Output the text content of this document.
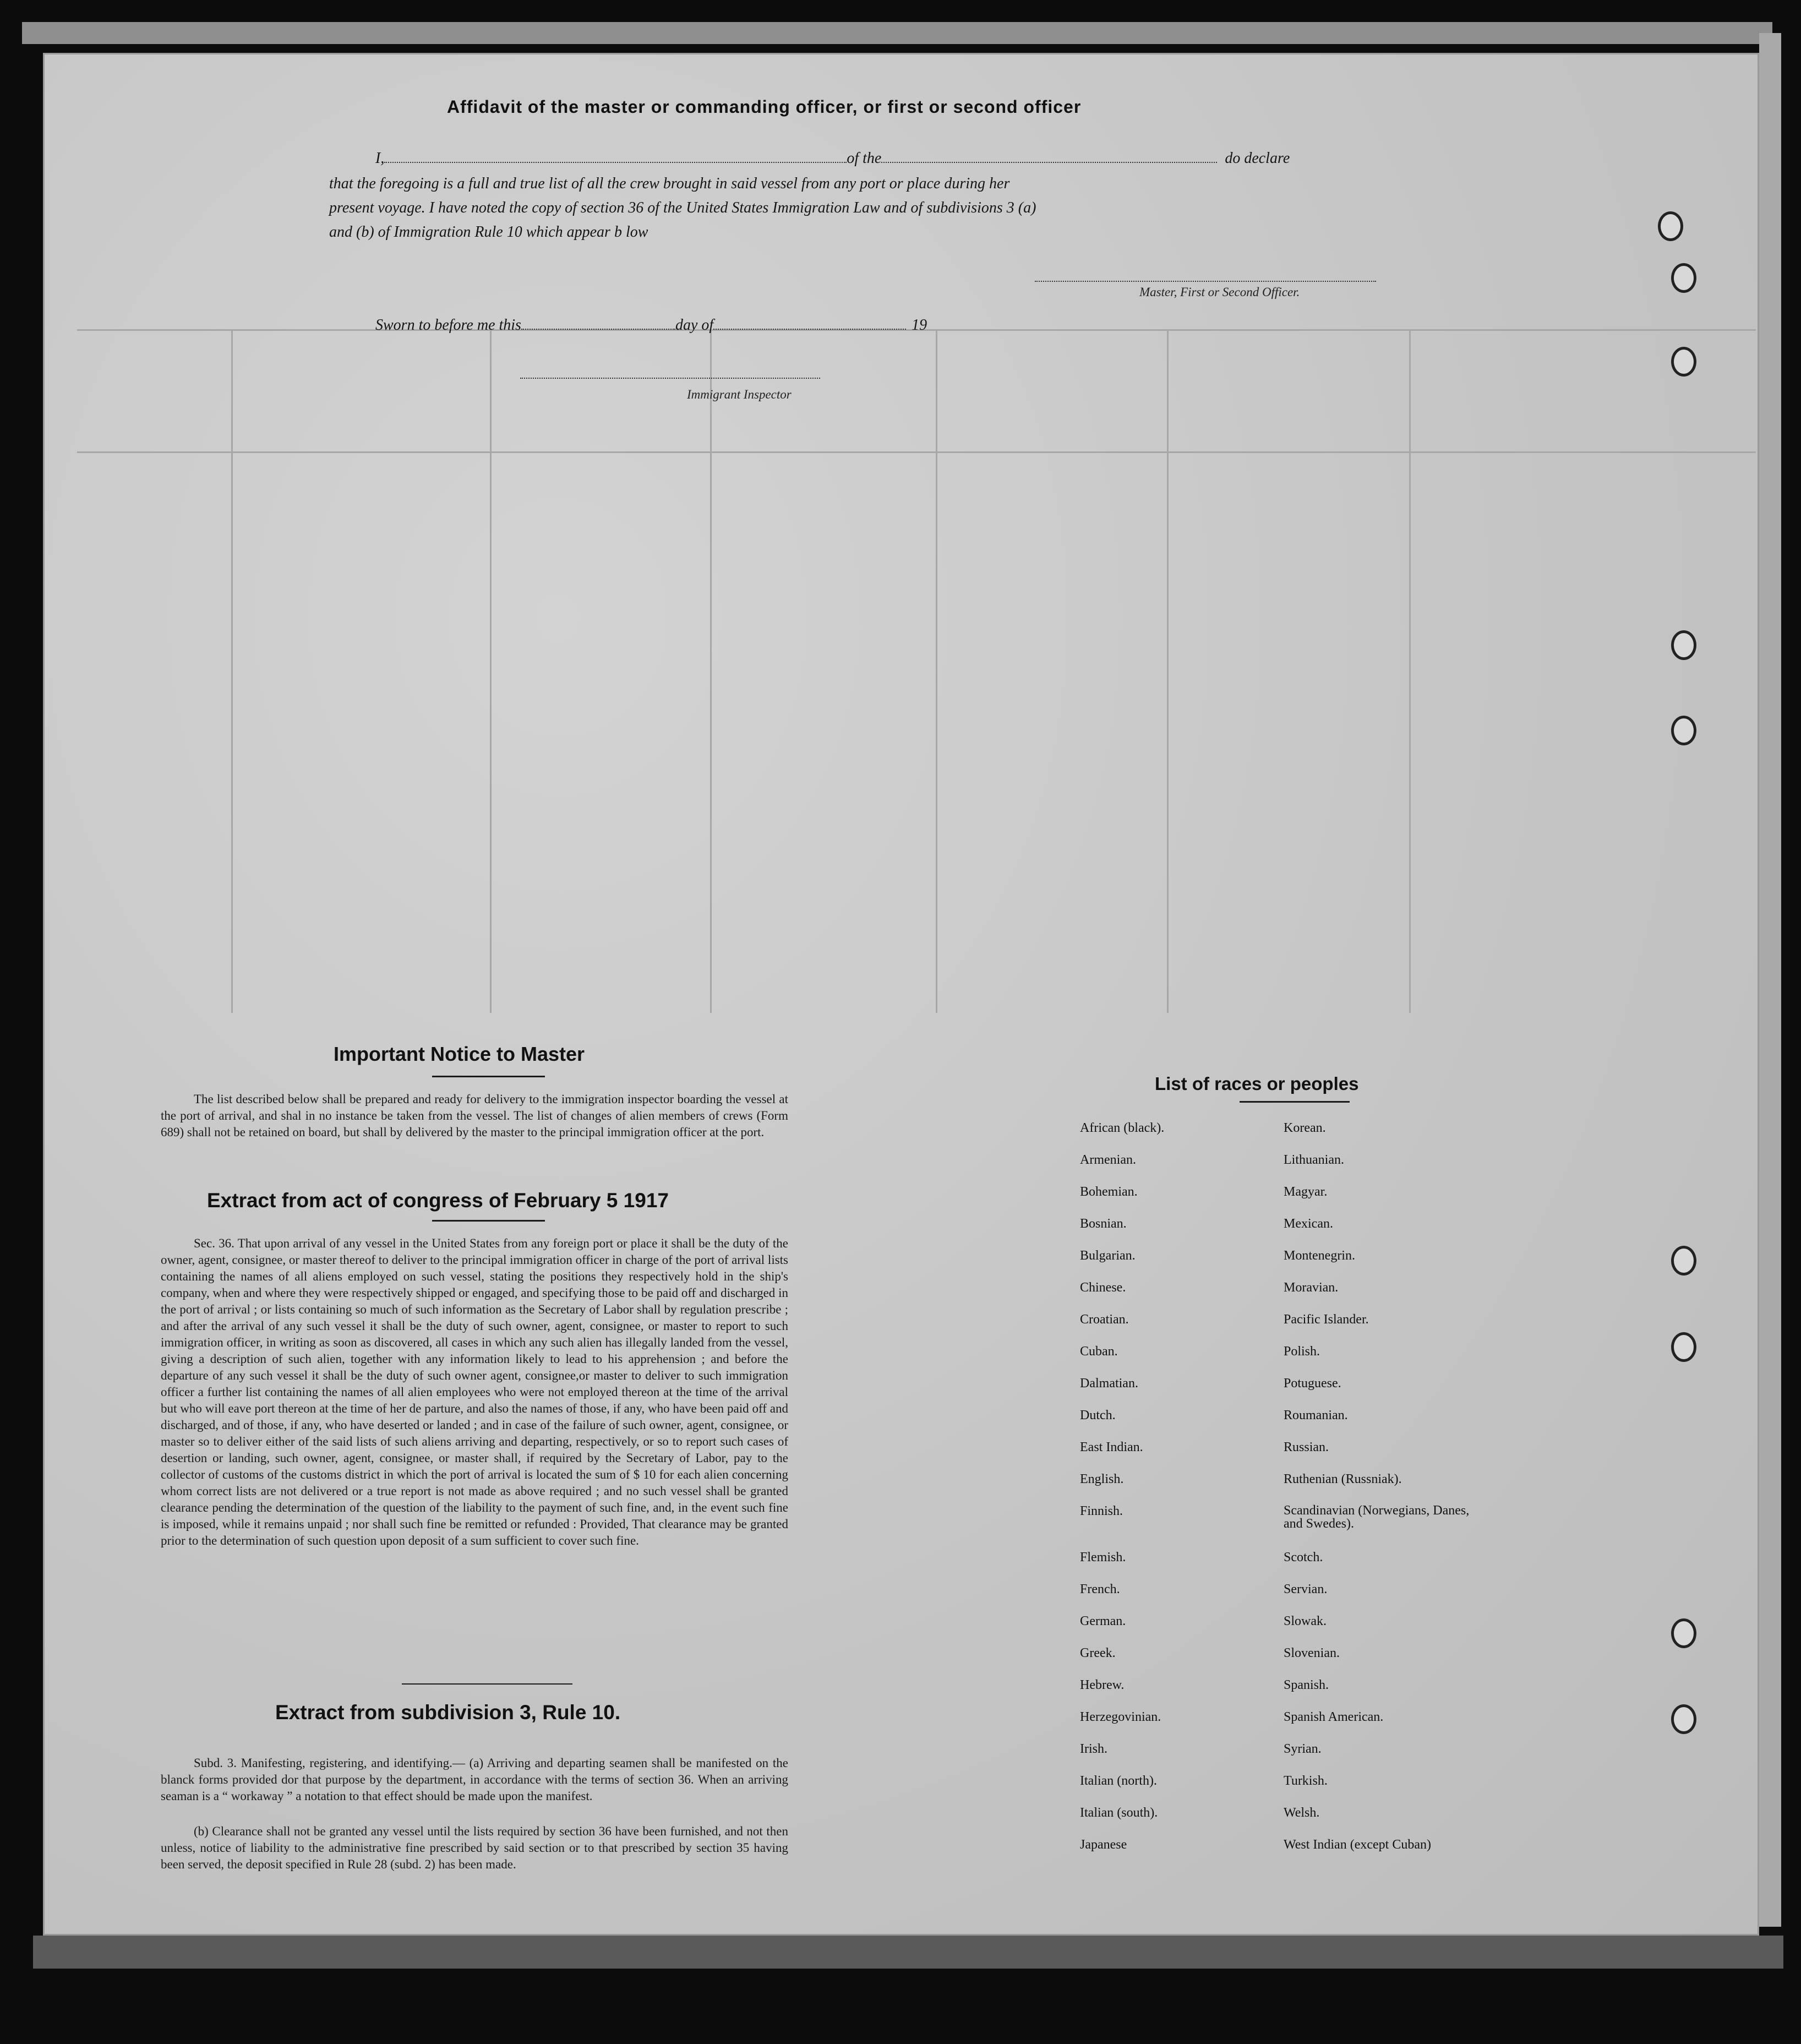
Affidavit of the master or commanding officer, or first or second officer
I,	of the	do declare
that the foregoing is a full and true list of all the crew brought in said vessel from any port or place during her
present voyage. I have noted the copy of section 36 of the United States Immigration Law and of subdivisions 3 (a)
and (b) of Immigration Rule 10 which appear b low
Master, First or Second Officer.
Sworn to before me this	day of	19
Immigrant Inspector
Important Notice to Master
The list described below shall be prepared and ready for delivery to the immigration inspector boarding the vessel at the port of arrival, and shal in no instance be taken from the vessel. The list of changes of alien members of crews (Form 689) shall not be retained on board, but shall by delivered by the master to the principal immigration officer at the port.
Extract from act of congress of February 5 1917
Sec. 36. That upon arrival of any vessel in the United States from any foreign port or place it shall be the duty of the owner, agent, consignee, or master thereof to deliver to the principal immigration officer in charge of the port of arrival lists containing the names of all aliens employed on such vessel, stating the positions they respectively hold in the ship's company, when and where they were respectively shipped or engaged, and specifying those to be paid off and discharged in the port of arrival ; or lists containing so much of such information as the Secretary of Labor shall by regulation prescribe ; and after the arrival of any such vessel it shall be the duty of such owner, agent, consignee, or master to report to such immigration officer, in writing as soon as discovered, all cases in which any such alien has illegally landed from the vessel, giving a description of such alien, together with any information likely to lead to his apprehension ; and before the departure of any such vessel it shall be the duty of such owner agent, consignee,or master to deliver to such immigration officer a further list containing the names of all alien employees who were not employed thereon at the time of the arrival but who will eave port thereon at the time of her de parture, and also the names of those, if any, who have been paid off and discharged, and of those, if any, who have deserted or landed ; and in case of the failure of such owner, agent, consignee, or master so to deliver either of the said lists of such aliens arriving and departing, respectively, or so to report such cases of desertion or landing, such owner, agent, consignee, or master shall, if required by the Secretary of Labor, pay to the collector of customs of the customs district in which the port of arrival is located the sum of $ 10 for each alien concerning whom correct lists are not delivered or a true report is not made as above required ; and no such vessel shall be granted clearance pending the determination of the question of the liability to the payment of such fine, and, in the event such fine is imposed, while it remains unpaid ; nor shall such fine be remitted or refunded : Provided, That clearance may be granted prior to the determination of such question upon deposit of a sum sufficient to cover such fine.
Extract from subdivision 3, Rule 10.
Subd. 3. Manifesting, registering, and identifying.— (a) Arriving and departing seamen shall be manifested on the blanck forms provided dor that purpose by the department, in accordance with the terms of section 36. When an arriving seaman is a “ workaway ” a notation to that effect should be made upon the manifest.
(b) Clearance shall not be granted any vessel until the lists required by section 36 have been furnished, and not then unless, notice of liability to the administrative fine prescribed by said section or to that prescribed by section 35 having been served, the deposit specified in Rule 28 (subd. 2) has been made.
List of races or peoples
African (black).
Armenian.
Bohemian.
Bosnian.
Bulgarian.
Chinese.
Croatian.
Cuban.
Dalmatian.
Dutch.
East Indian.
English.
Finnish.
Flemish.
French.
German.
Greek.
Hebrew.
Herzegovinian.
Irish.
Italian (north).
Italian (south).
Japanese
Korean.
Lithuanian.
Magyar.
Mexican.
Montenegrin.
Moravian.
Pacific Islander.
Polish.
Potuguese.
Roumanian.
Russian.
Ruthenian (Russniak).
Scandinavian (Norwegians, Danes, and Swedes).
Scotch.
Servian.
Slowak.
Slovenian.
Spanish.
Spanish American.
Syrian.
Turkish.
Welsh.
West Indian (except Cuban)
